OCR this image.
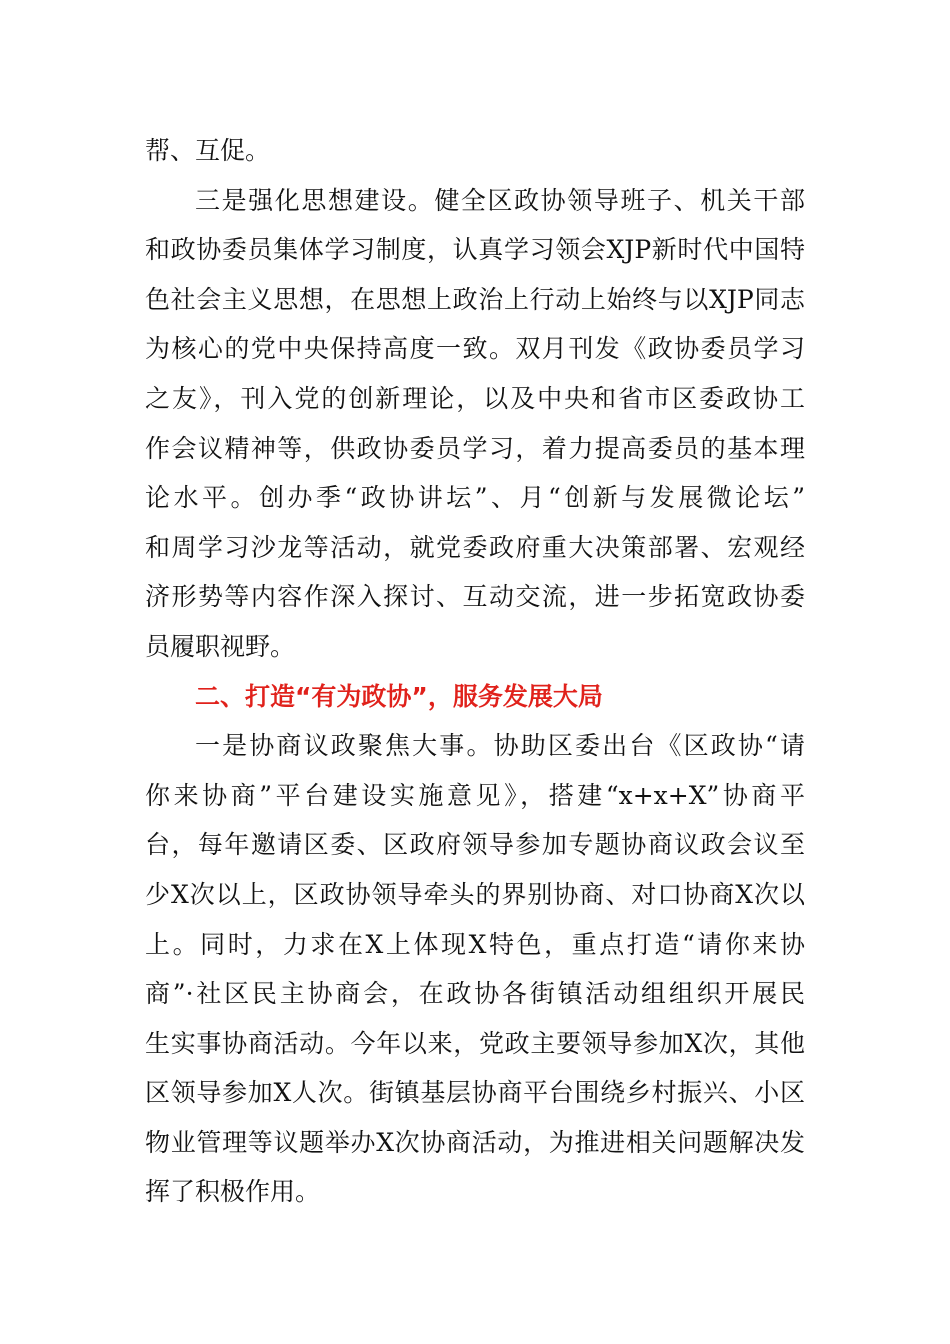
帮、互促。
三是强化思想建设。健全区政协领导班子、机关干部
和政协委员集体学习制度，认真学习领会XJP新时代中国特
色社会主义思想，在思想上政治上行动上始终与以XJP同志
为核心的党中央保持高度一致。双月刊发《政协委员学习
之友》，刊入党的创新理论，以及中央和省市区委政协工
作会议精神等，供政协委员学习，着力提高委员的基本理
论水平。创办季“政协讲坛”、月“创新与发展微论坛”
和周学习沙龙等活动，就党委政府重大决策部署、宏观经
济形势等内容作深入探讨、互动交流，进一步拓宽政协委
员履职视野。
二、打造“有为政协”，服务发展大局
一是协商议政聚焦大事。协助区委出台《区政协“请
你来协商”平台建设实施意见》，搭建“x+x+X”协商平
台，每年邀请区委、区政府领导参加专题协商议政会议至
少X次以上，区政协领导牵头的界别协商、对口协商X次以
上。同时，力求在X上体现X特色，重点打造“请你来协
商”·社区民主协商会，在政协各街镇活动组组织开展民
生实事协商活动。今年以来，党政主要领导参加X次，其他
区领导参加X人次。街镇基层协商平台围绕乡村振兴、小区
物业管理等议题举办X次协商活动，为推进相关问题解决发
挥了积极作用。
